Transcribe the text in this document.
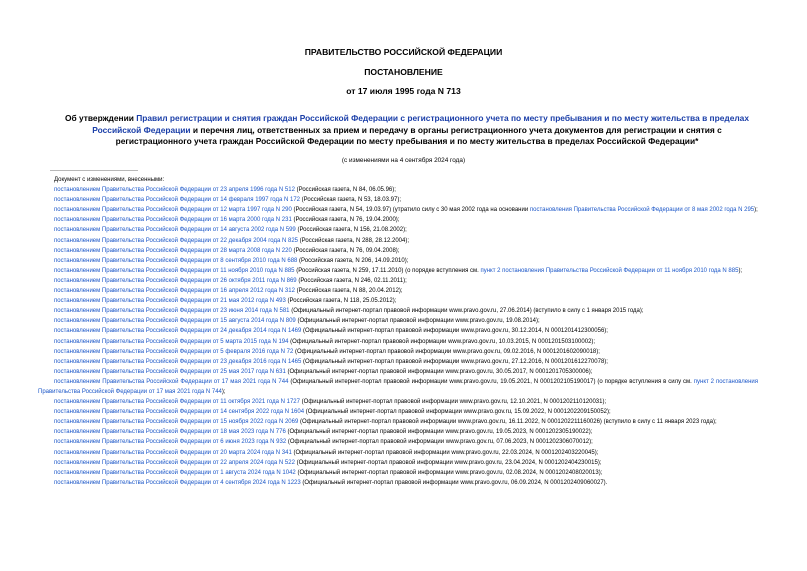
ПРАВИТЕЛЬСТВО РОССИЙСКОЙ ФЕДЕРАЦИИ
ПОСТАНОВЛЕНИЕ
от 17 июля 1995 года N 713
Об утверждении Правил регистрации и снятия граждан Российской Федерации с регистрационного учета по месту пребывания и по месту жительства в пределах Российской Федерации и перечня лиц, ответственных за прием и передачу в органы регистрационного учета документов для регистрации и снятия с регистрационного учета граждан Российской Федерации по месту пребывания и по месту жительства в пределах Российской Федерации*
(с изменениями на 4 сентября 2024 года)
Документ с изменениями, внесенными:
постановлением Правительства Российской Федерации от 23 апреля 1996 года N 512 (Российская газета, N 84, 06.05.96);
постановлением Правительства Российской Федерации от 14 февраля 1997 года N 172 (Российская газета, N 53, 18.03.97);
постановлением Правительства Российской Федерации от 12 марта 1997 года N 290 (Российская газета, N 54, 19.03.97) (утратило силу с 30 мая 2002 года на основании постановления Правительства Российской Федерации от 8 мая 2002 года N 295);
постановлением Правительства Российской Федерации от 16 марта 2000 года N 231 (Российская газета, N 76, 19.04.2000);
постановлением Правительства Российской Федерации от 14 августа 2002 года N 599 (Российская газета, N 156, 21.08.2002);
постановлением Правительства Российской Федерации от 22 декабря 2004 года N 825 (Российская газета, N 288, 28.12.2004);
постановлением Правительства Российской Федерации от 28 марта 2008 года N 220 (Российская газета, N 76, 09.04.2008);
постановлением Правительства Российской Федерации от 8 сентября 2010 года N 688 (Российская газета, N 206, 14.09.2010);
постановлением Правительства Российской Федерации от 11 ноября 2010 года N 885 (Российская газета, N 259, 17.11.2010) (о порядке вступления см. пункт 2 постановления Правительства Российской Федерации от 11 ноября 2010 года N 885);
постановлением Правительства Российской Федерации от 26 октября 2011 года N 869 (Российская газета, N 246, 02.11.2011);
постановлением Правительства Российской Федерации от 16 апреля 2012 года N 312 (Российская газета, N 88, 20.04.2012);
постановлением Правительства Российской Федерации от 21 мая 2012 года N 493 (Российская газета, N 118, 25.05.2012);
постановлением Правительства Российской Федерации от 23 июня 2014 года N 581 (Официальный интернет-портал правовой информации www.pravo.gov.ru, 27.06.2014) (вступило в силу с 1 января 2015 года);
постановлением Правительства Российской Федерации от 15 августа 2014 года N 809 (Официальный интернет-портал правовой информации www.pravo.gov.ru, 19.08.2014);
постановлением Правительства Российской Федерации от 24 декабря 2014 года N 1469 (Официальный интернет-портал правовой информации www.pravo.gov.ru, 30.12.2014, N 0001201412300056);
постановлением Правительства Российской Федерации от 5 марта 2015 года N 194 (Официальный интернет-портал правовой информации www.pravo.gov.ru, 10.03.2015, N 0001201503100002);
постановлением Правительства Российской Федерации от 5 февраля 2016 года N 72 (Официальный интернет-портал правовой информации www.pravo.gov.ru, 09.02.2016, N 0001201602090018);
постановлением Правительства Российской Федерации от 23 декабря 2016 года N 1465 (Официальный интернет-портал правовой информации www.pravo.gov.ru, 27.12.2016, N 0001201612270078);
постановлением Правительства Российской Федерации от 25 мая 2017 года N 631 (Официальный интернет-портал правовой информации www.pravo.gov.ru, 30.05.2017, N 0001201705300006);
постановлением Правительства Российской Федерации от 17 мая 2021 года N 744 (Официальный интернет-портал правовой информации www.pravo.gov.ru, 19.05.2021, N 0001202105190017) (о порядке вступления в силу см. пункт 2 постановления Правительства Российской Федерации от 17 мая 2021 года N 744);
постановлением Правительства Российской Федерации от 11 октября 2021 года N 1727 (Официальный интернет-портал правовой информации www.pravo.gov.ru, 12.10.2021, N 0001202110120031);
постановлением Правительства Российской Федерации от 14 сентября 2022 года N 1604 (Официальный интернет-портал правовой информации www.pravo.gov.ru, 15.09.2022, N 0001202209150052);
постановлением Правительства Российской Федерации от 15 ноября 2022 года N 2069 (Официальный интернет-портал правовой информации www.pravo.gov.ru, 16.11.2022, N 0001202211160026) (вступило в силу с 11 января 2023 года);
постановлением Правительства Российской Федерации от 18 мая 2023 года N 776 (Официальный интернет-портал правовой информации www.pravo.gov.ru, 19.05.2023, N 0001202305190022);
постановлением Правительства Российской Федерации от 6 июня 2023 года N 932 (Официальный интернет-портал правовой информации www.pravo.gov.ru, 07.06.2023, N 0001202306070012);
постановлением Правительства Российской Федерации от 20 марта 2024 года N 341 (Официальный интернет-портал правовой информации www.pravo.gov.ru, 22.03.2024, N 0001202403220045);
постановлением Правительства Российской Федерации от 22 апреля 2024 года N 522 (Официальный интернет-портал правовой информации www.pravo.gov.ru, 23.04.2024, N 0001202404230015);
постановлением Правительства Российской Федерации от 1 августа 2024 года N 1042 (Официальный интернет-портал правовой информации www.pravo.gov.ru, 02.08.2024, N 0001202408020013);
постановлением Правительства Российской Федерации от 4 сентября 2024 года N 1223 (Официальный интернет-портал правовой информации www.pravo.gov.ru, 06.09.2024, N 0001202409060027).
